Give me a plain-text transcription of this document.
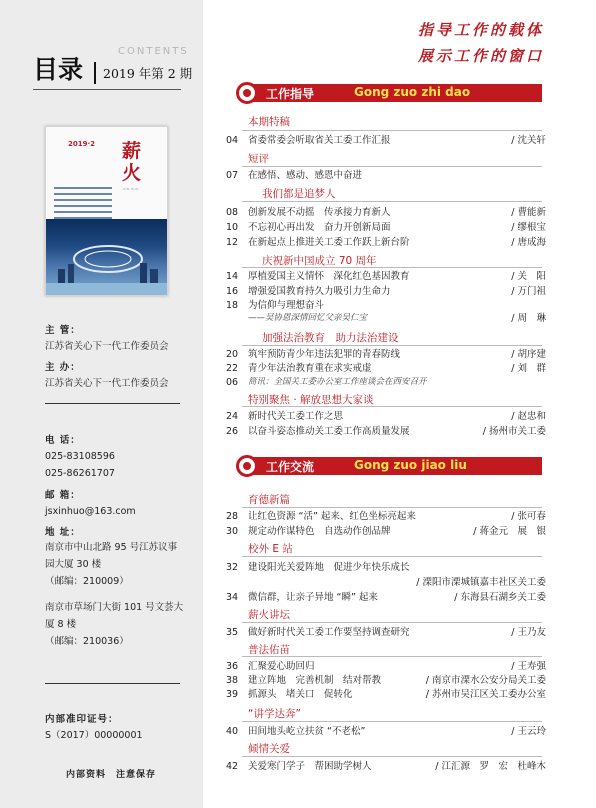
CONTENTS
目录 2019 年第 2 期
2019·2 薪火
XIN HUO
主 管：
江苏省关心下一代工作委员会
主 办：
江苏省关心下一代工作委员会
电 话：
025-83108596
025-86261707
邮 箱：
jsxinhuo@163.com
地 址：
南京市中山北路 95 号江苏议事园大厦 30 楼
（邮编：210009）
南京市草场门大街 101 号文荟大厦 8 楼
（邮编：210036）
内部准印证号：
S（2017）00000001
内部资料　注意保存
指导工作的载体
展示工作的窗口
工作指导	Gong zuo zhi dao
本期特稿
04	省委常委会听取省关工委工作汇报	/ 沈关轩
短评
07	在感悟、感动、感恩中奋进
我们都是追梦人
08	创新发展不动摇　传承接力育新人	/ 曹能新
10	不忘初心再出发　奋力开创新局面	/ 缪根宝
12	在新起点上推进关工委工作跃上新台阶	/ 唐成海
庆祝新中国成立 70 周年
14	厚植爱国主义情怀　深化红色基因教育	/ 关　阳
16	增强爱国教育持久力吸引力生命力	/ 万门祖
18	为信仰与理想奋斗
——吴协恩深情回忆父亲吴仁宝	/ 周　琳
加强法治教育　助力法治建设
20	筑牢预防青少年违法犯罪的青春防线	/ 胡序建
22	青少年法治教育重在求实戒虚	/ 刘　群
06	简讯：全国关工委办公室工作座谈会在西安召开
特别聚焦 · 解放思想大家谈
24	新时代关工委工作之思	/ 赵忠和
26	以奋斗姿态推动关工委工作高质量发展	/ 扬州市关工委
工作交流	Gong zuo jiao liu
育德新篇
28	让红色资源 “活” 起来、红色坐标亮起来	/ 张可春
30	规定动作谋特色　自选动作创品牌	/ 蒋金元　展　银
校外 E 站
32	建设阳光关爱阵地　促进少年快乐成长
/ 溧阳市溧城镇嘉丰社区关工委
34	微信群，让亲子异地 “瞬” 起来	/ 东海县石湖乡关工委
薪火讲坛
35	做好新时代关工委工作要坚持调查研究	/ 王乃友
普法佑苗
36	汇聚爱心助回归	/ 王寿强
38	建立阵地　完善机制　结对帮教	/ 南京市溧水公安分局关工委
39	抓源头　堵关口　促转化	/ 苏州市吴江区关工委办公室
“讲学达奔”
40	田间地头屹立扶贫 “不老松”	/ 王云玲
倾情关爱
42	关爱寒门学子　帮困助学树人	/ 江汇源　罗　宏　杜峰木
